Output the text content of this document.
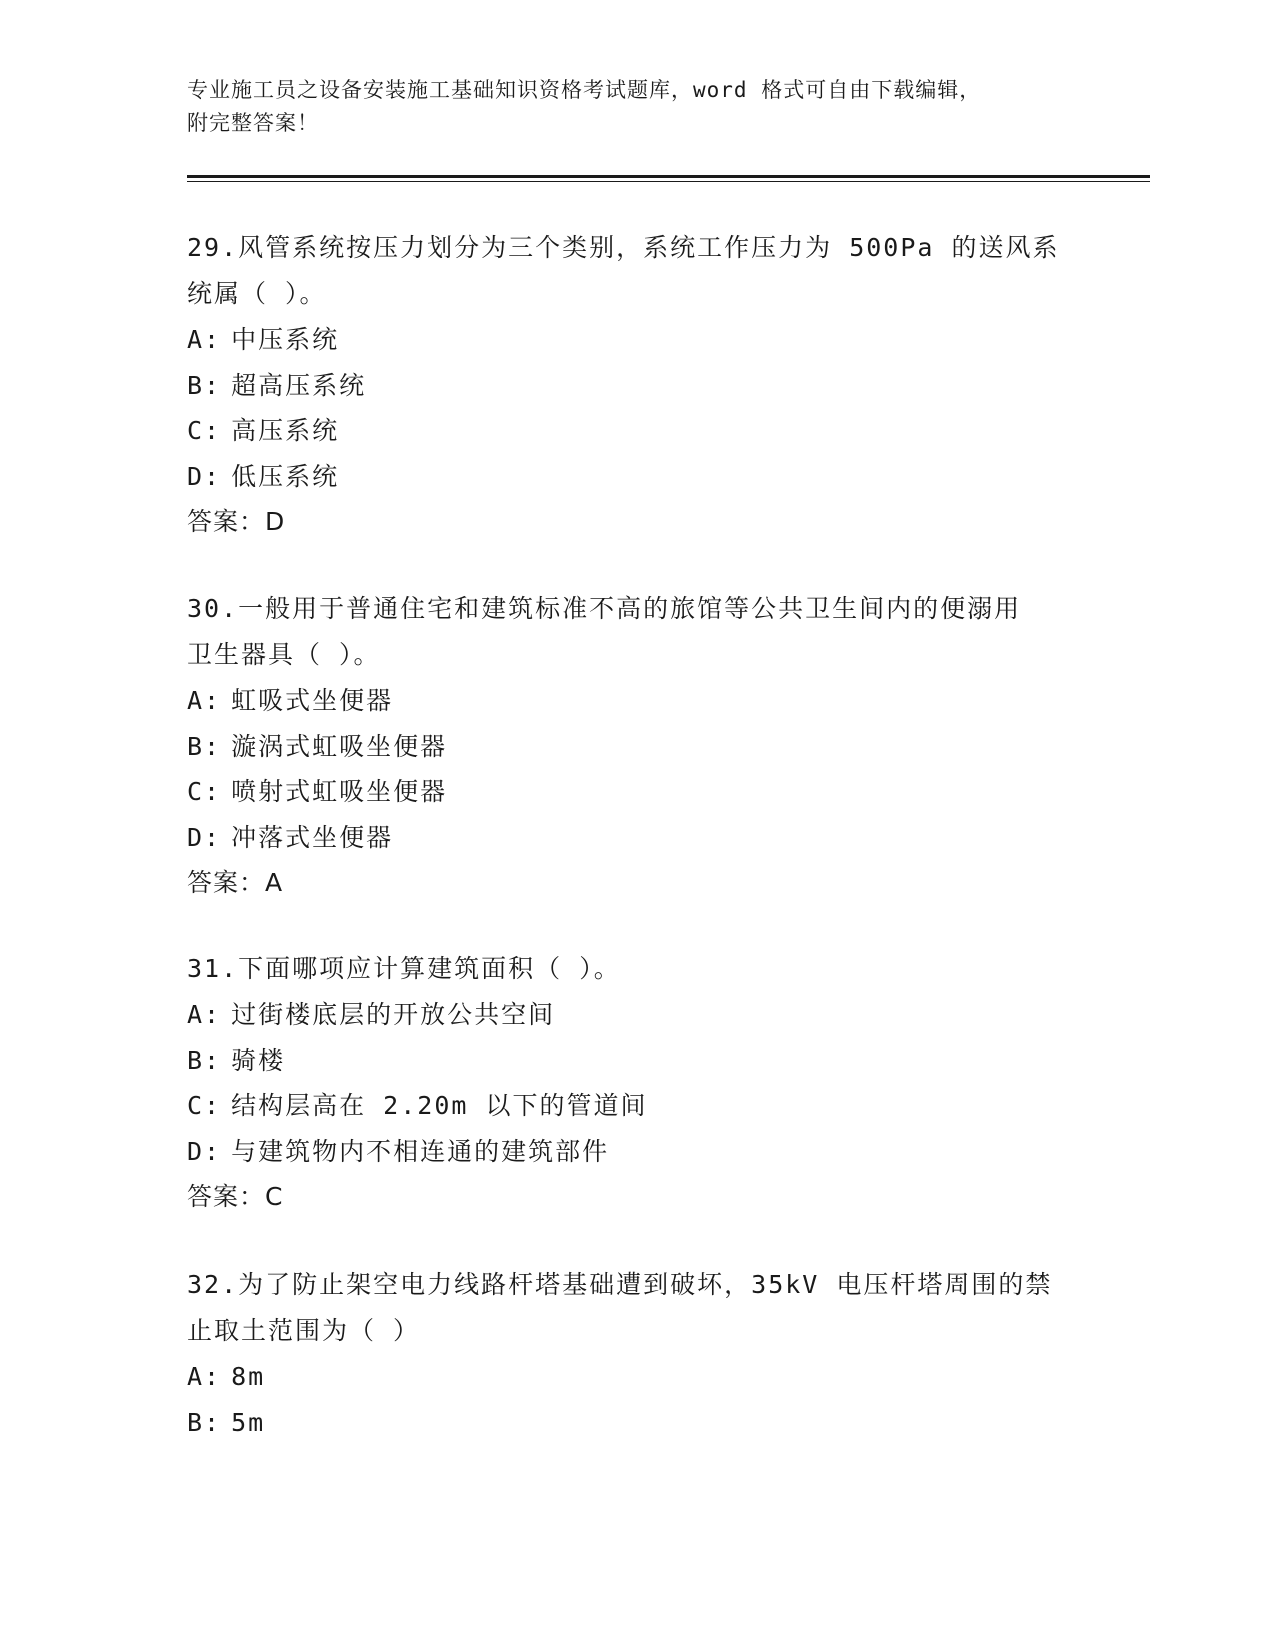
专业施工员之设备安装施工基础知识资格考试题库，word 格式可自由下载编辑，
附完整答案！

29.风管系统按压力划分为三个类别，系统工作压力为 500Pa 的送风系
统属（ ）。

A: 中压系统

B: 超高压系统

C: 高压系统

D: 低压系统

答案：D

30.一般用于普通住宅和建筑标准不高的旅馆等公共卫生间内的便溺用
卫生器具（ ）。

A: 虹吸式坐便器

B: 漩涡式虹吸坐便器

C: 喷射式虹吸坐便器

D: 冲落式坐便器

答案：A

31.下面哪项应计算建筑面积（ ）。

A: 过街楼底层的开放公共空间

B: 骑楼

C: 结构层高在 2.20m 以下的管道间

D: 与建筑物内不相连通的建筑部件

答案：C

32.为了防止架空电力线路杆塔基础遭到破坏，35kV 电压杆塔周围的禁
止取土范围为（ ）

A: 8m

B: 5m
